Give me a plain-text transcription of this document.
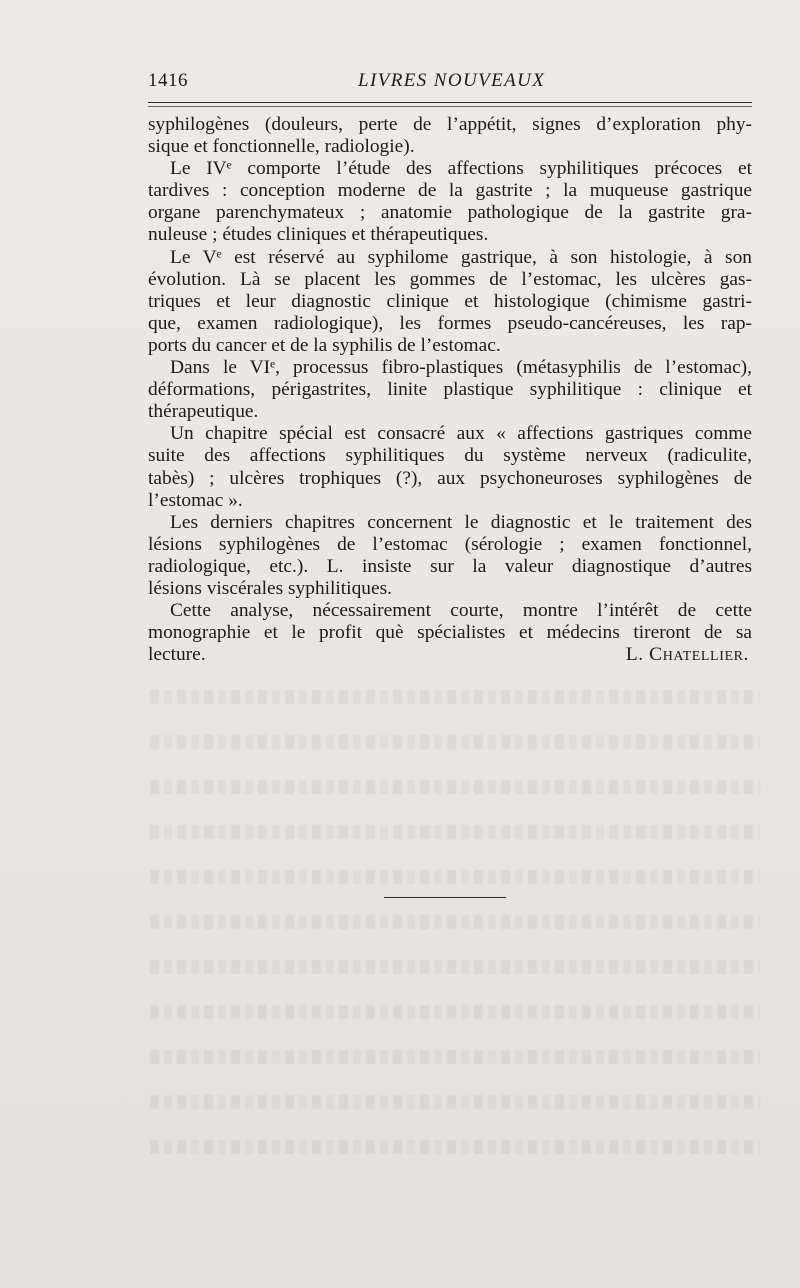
1416	LIVRES NOUVEAUX
syphilogènes (douleurs, perte de l’appétit, signes d’exploration phy-
sique et fonctionnelle, radiologie).
Le IVᵉ comporte l’étude des affections syphilitiques précoces et
tardives : conception moderne de la gastrite ; la muqueuse gastrique
organe parenchymateux ; anatomie pathologique de la gastrite gra-
nuleuse ; études cliniques et thérapeutiques.
Le Vᵉ est réservé au syphilome gastrique, à son histologie, à son
évolution. Là se placent les gommes de l’estomac, les ulcères gas-
triques et leur diagnostic clinique et histologique (chimisme gastri-
que, examen radiologique), les formes pseudo-cancéreuses, les rap-
ports du cancer et de la syphilis de l’estomac.
Dans le VIᵉ, processus fibro-plastiques (métasyphilis de l’estomac),
déformations, périgastrites, linite plastique syphilitique : clinique et
thérapeutique.
Un chapitre spécial est consacré aux « affections gastriques comme
suite des affections syphilitiques du système nerveux (radiculite,
tabès) ; ulcères trophiques (?), aux psychoneuroses syphilogènes de
l’estomac ».
Les derniers chapitres concernent le diagnostic et le traitement des
lésions syphilogènes de l’estomac (sérologie ; examen fonctionnel,
radiologique, etc.). L. insiste sur la valeur diagnostique d’autres
lésions viscérales syphilitiques.
Cette analyse, nécessairement courte, montre l’intérêt de cette
monographie et le profit què spécialistes et médecins tireront de sa
lecture.	L. Chatellier.
